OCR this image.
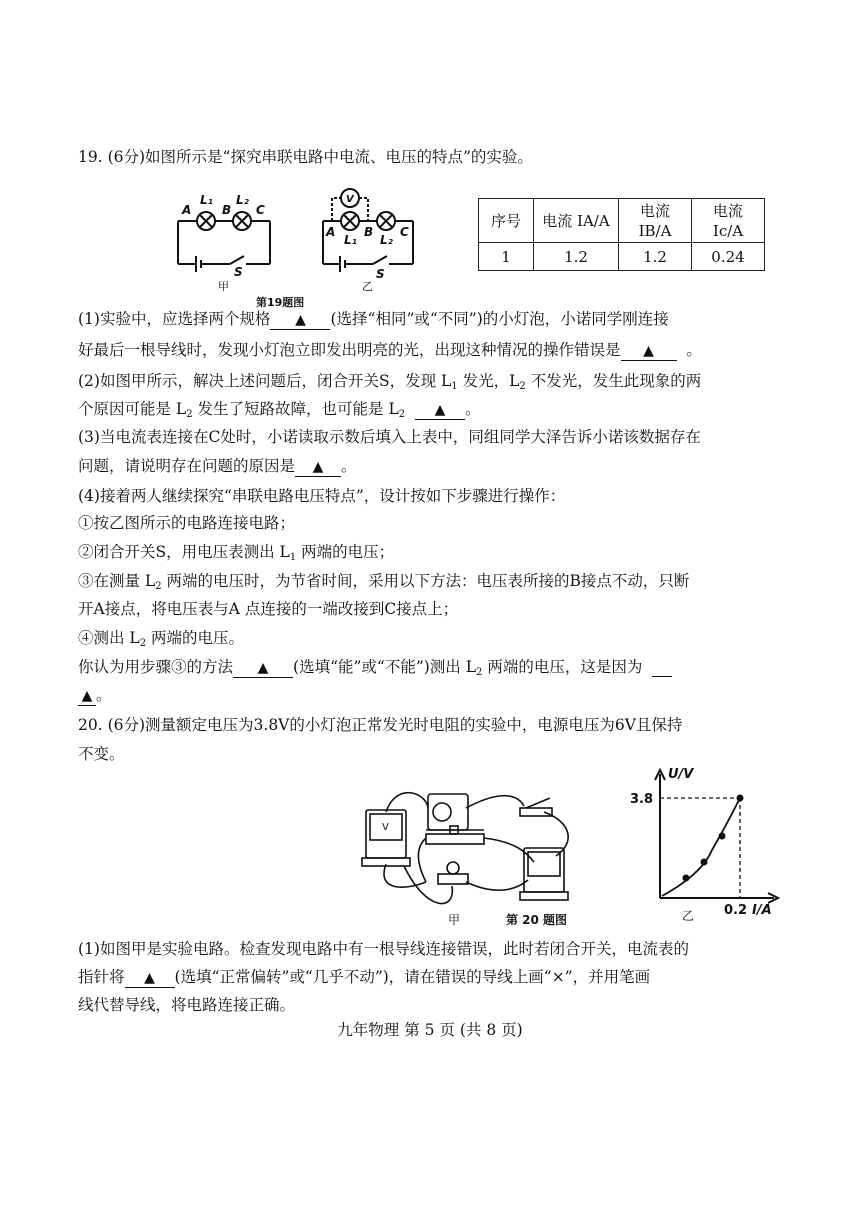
19. (6分)如图所示是“探究串联电路中电流、电压的特点”的实验。
A	B C
L₁ L₂
S
A B C
L₁ L₂
S
V
甲	乙
第19题图
序号	电流 IA/A	电流 IB/A	电流 Ic/A
1	1.2	1.2	0.24
(1)实验中，应选择两个规格 ▲ (选择“相同”或“不同”)的小灯泡，小诺同学刚连接
好最后一根导线时，发现小灯泡立即发出明亮的光，出现这种情况的操作错误是 ▲ 。
(2)如图甲所示，解决上述问题后，闭合开关S，发现 $L_1$ 发光，$L_2$ 不发光，发生此现象的两
个原因可能是 $L_2$ 发生了短路故障，也可能是 $L_2$ ▲ 。
(3)当电流表连接在C处时，小诺读取示数后填入上表中，同组同学大泽告诉小诺该数据存在
问题，请说明存在问题的原因是 ▲ 。
(4)接着两人继续探究“串联电路电压特点”，设计按如下步骤进行操作：
①按乙图所示的电路连接电路；
②闭合开关S，用电压表测出 $L_1$ 两端的电压；
③在测量 $L_2$ 两端的电压时，为节省时间，采用以下方法：电压表所接的B接点不动，只断
开A接点，将电压表与A 点连接的一端改接到C接点上；
④测出 $L_2$ 两端的电压。
你认为用步骤③的方法 ▲ (选填“能”或“不能”)测出 $L_2$ 两端的电压，这是因为
▲ 。
20. (6分)测量额定电压为3.8V的小灯泡正常发光时电阻的实验中，电源电压为6V且保持
不变。
V
甲	第 20 题图
U/V
3.8
0.2 I/A
乙
(1)如图甲是实验电路。检查发现电路中有一根导线连接错误，此时若闭合开关，电流表的
指针将 ▲ (选填“正常偏转”或“几乎不动”)，请在错误的导线上画“×”，并用笔画
线代替导线，将电路连接正确。
九年物理 第 5 页 (共 8 页)
